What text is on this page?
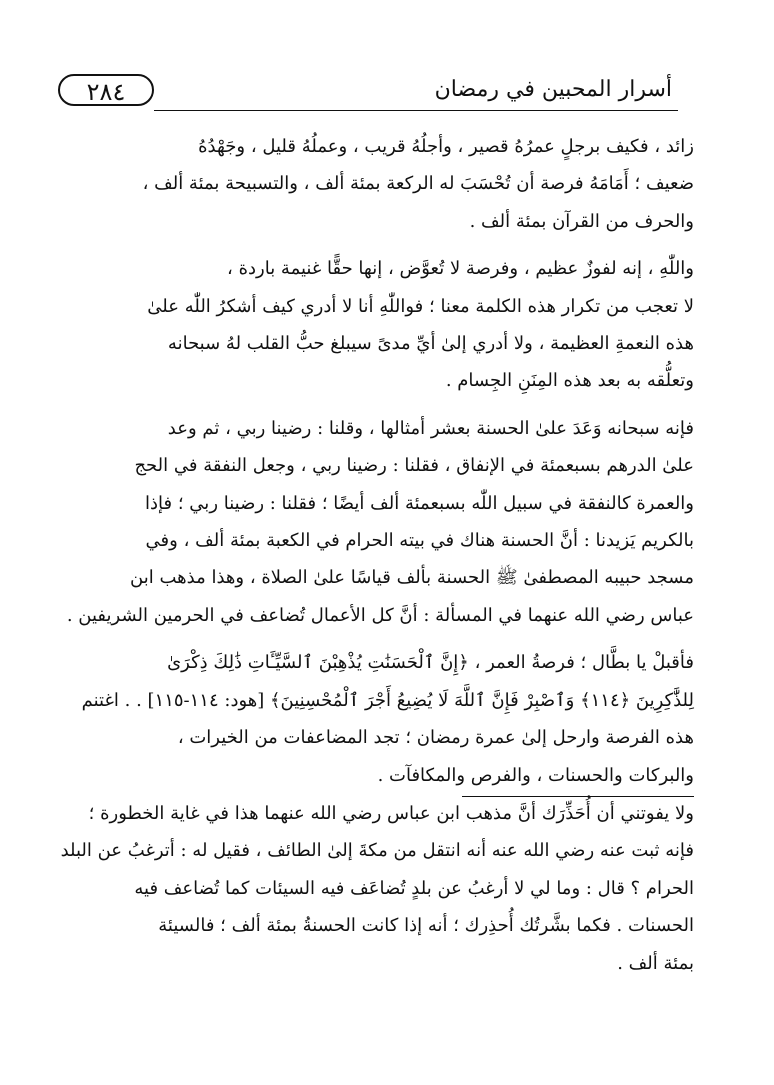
٢٨٤	أسرار المحبين في رمضان

زائد ، فكيف برجلٍ عمرُهُ قصير ، وأجلُهُ قريب ، وعملُهُ قليل ، وجَهْدُهُ
ضعيف ؛ أَمَامَهُ فرصة أن تُحْسَبَ له الركعة بمئة ألف ، والتسبيحة بمئة ألف ،
والحرف من القرآن بمئة ألف .

واللّٰهِ ، إنه لفوزٌ عظيم ، وفرصة لا تُعوَّض ، إنها حقًّا غنيمة باردة ،
لا تعجب من تكرار هذه الكلمة معنا ؛ فواللّٰهِ أنا لا أدري كيف أشكرُ اللّٰه علىٰ
هذه النعمةِ العظيمة ، ولا أدري إلىٰ أيِّ مدىً سيبلغ حبُّ القلب لهُ سبحانه
وتعلُّقه به بعد هذه المِنَنِ الجِسام .

فإنه سبحانه وَعَدَ علىٰ الحسنة بعشر أمثالها ، وقلنا : رضينا ربي ، ثم وعد
علىٰ الدرهم بسبعمئة في الإنفاق ، فقلنا : رضينا ربي ، وجعل النفقة في الحج
والعمرة كالنفقة في سبيل اللّٰه بسبعمئة ألف أيضًا ؛ فقلنا : رضينا ربي ؛ فإذا
بالكريم يَزيدنا : أنَّ الحسنة هناك في بيته الحرام في الكعبة بمئة ألف ، وفي
مسجد حبيبه المصطفىٰ ﷺ الحسنة بألف قياسًا علىٰ الصلاة ، وهذا مذهب ابن
عباس رضي الله عنهما في المسألة : أنَّ كل الأعمال تُضاعف في الحرمين الشريفين .

فأقبلْ يا بطَّال ؛ فرصةُ العمر ، ﴿إِنَّ ٱلْحَسَنَٰتِ يُذْهِبْنَ ٱلسَّيِّـَٔاتِ ذَٰلِكَ ذِكْرَىٰ
لِلذَّٰكِرِينَ ﴿١١٤﴾ وَٱصْبِرْ فَإِنَّ ٱللَّهَ لَا يُضِيعُ أَجْرَ ٱلْمُحْسِنِينَ﴾ [هود: ١١٤-١١٥] . . اغتنم
هذه الفرصة وارحل إلىٰ عمرة رمضان ؛ تجد المضاعفات من الخيرات ،
والبركات والحسنات ، والفرص والمكافآت .

ولا يفوتني أن أُحَذِّرَك أنَّ مذهب ابن عباس رضي الله عنهما هذا في غاية الخطورة ؛
فإنه ثبت عنه رضي الله عنه أنه انتقل من مكةَ إلىٰ الطائف ، فقيل له : أترغبُ عن البلد
الحرام ؟ قال : وما لي لا أرغبُ عن بلدٍ تُضاعَف فيه السيئات كما تُضاعف فيه
الحسنات . فكما بشَّرتُك أُحذِرك ؛ أنه إذا كانت الحسنةُ بمئة ألف ؛ فالسيئة
بمئة ألف .
